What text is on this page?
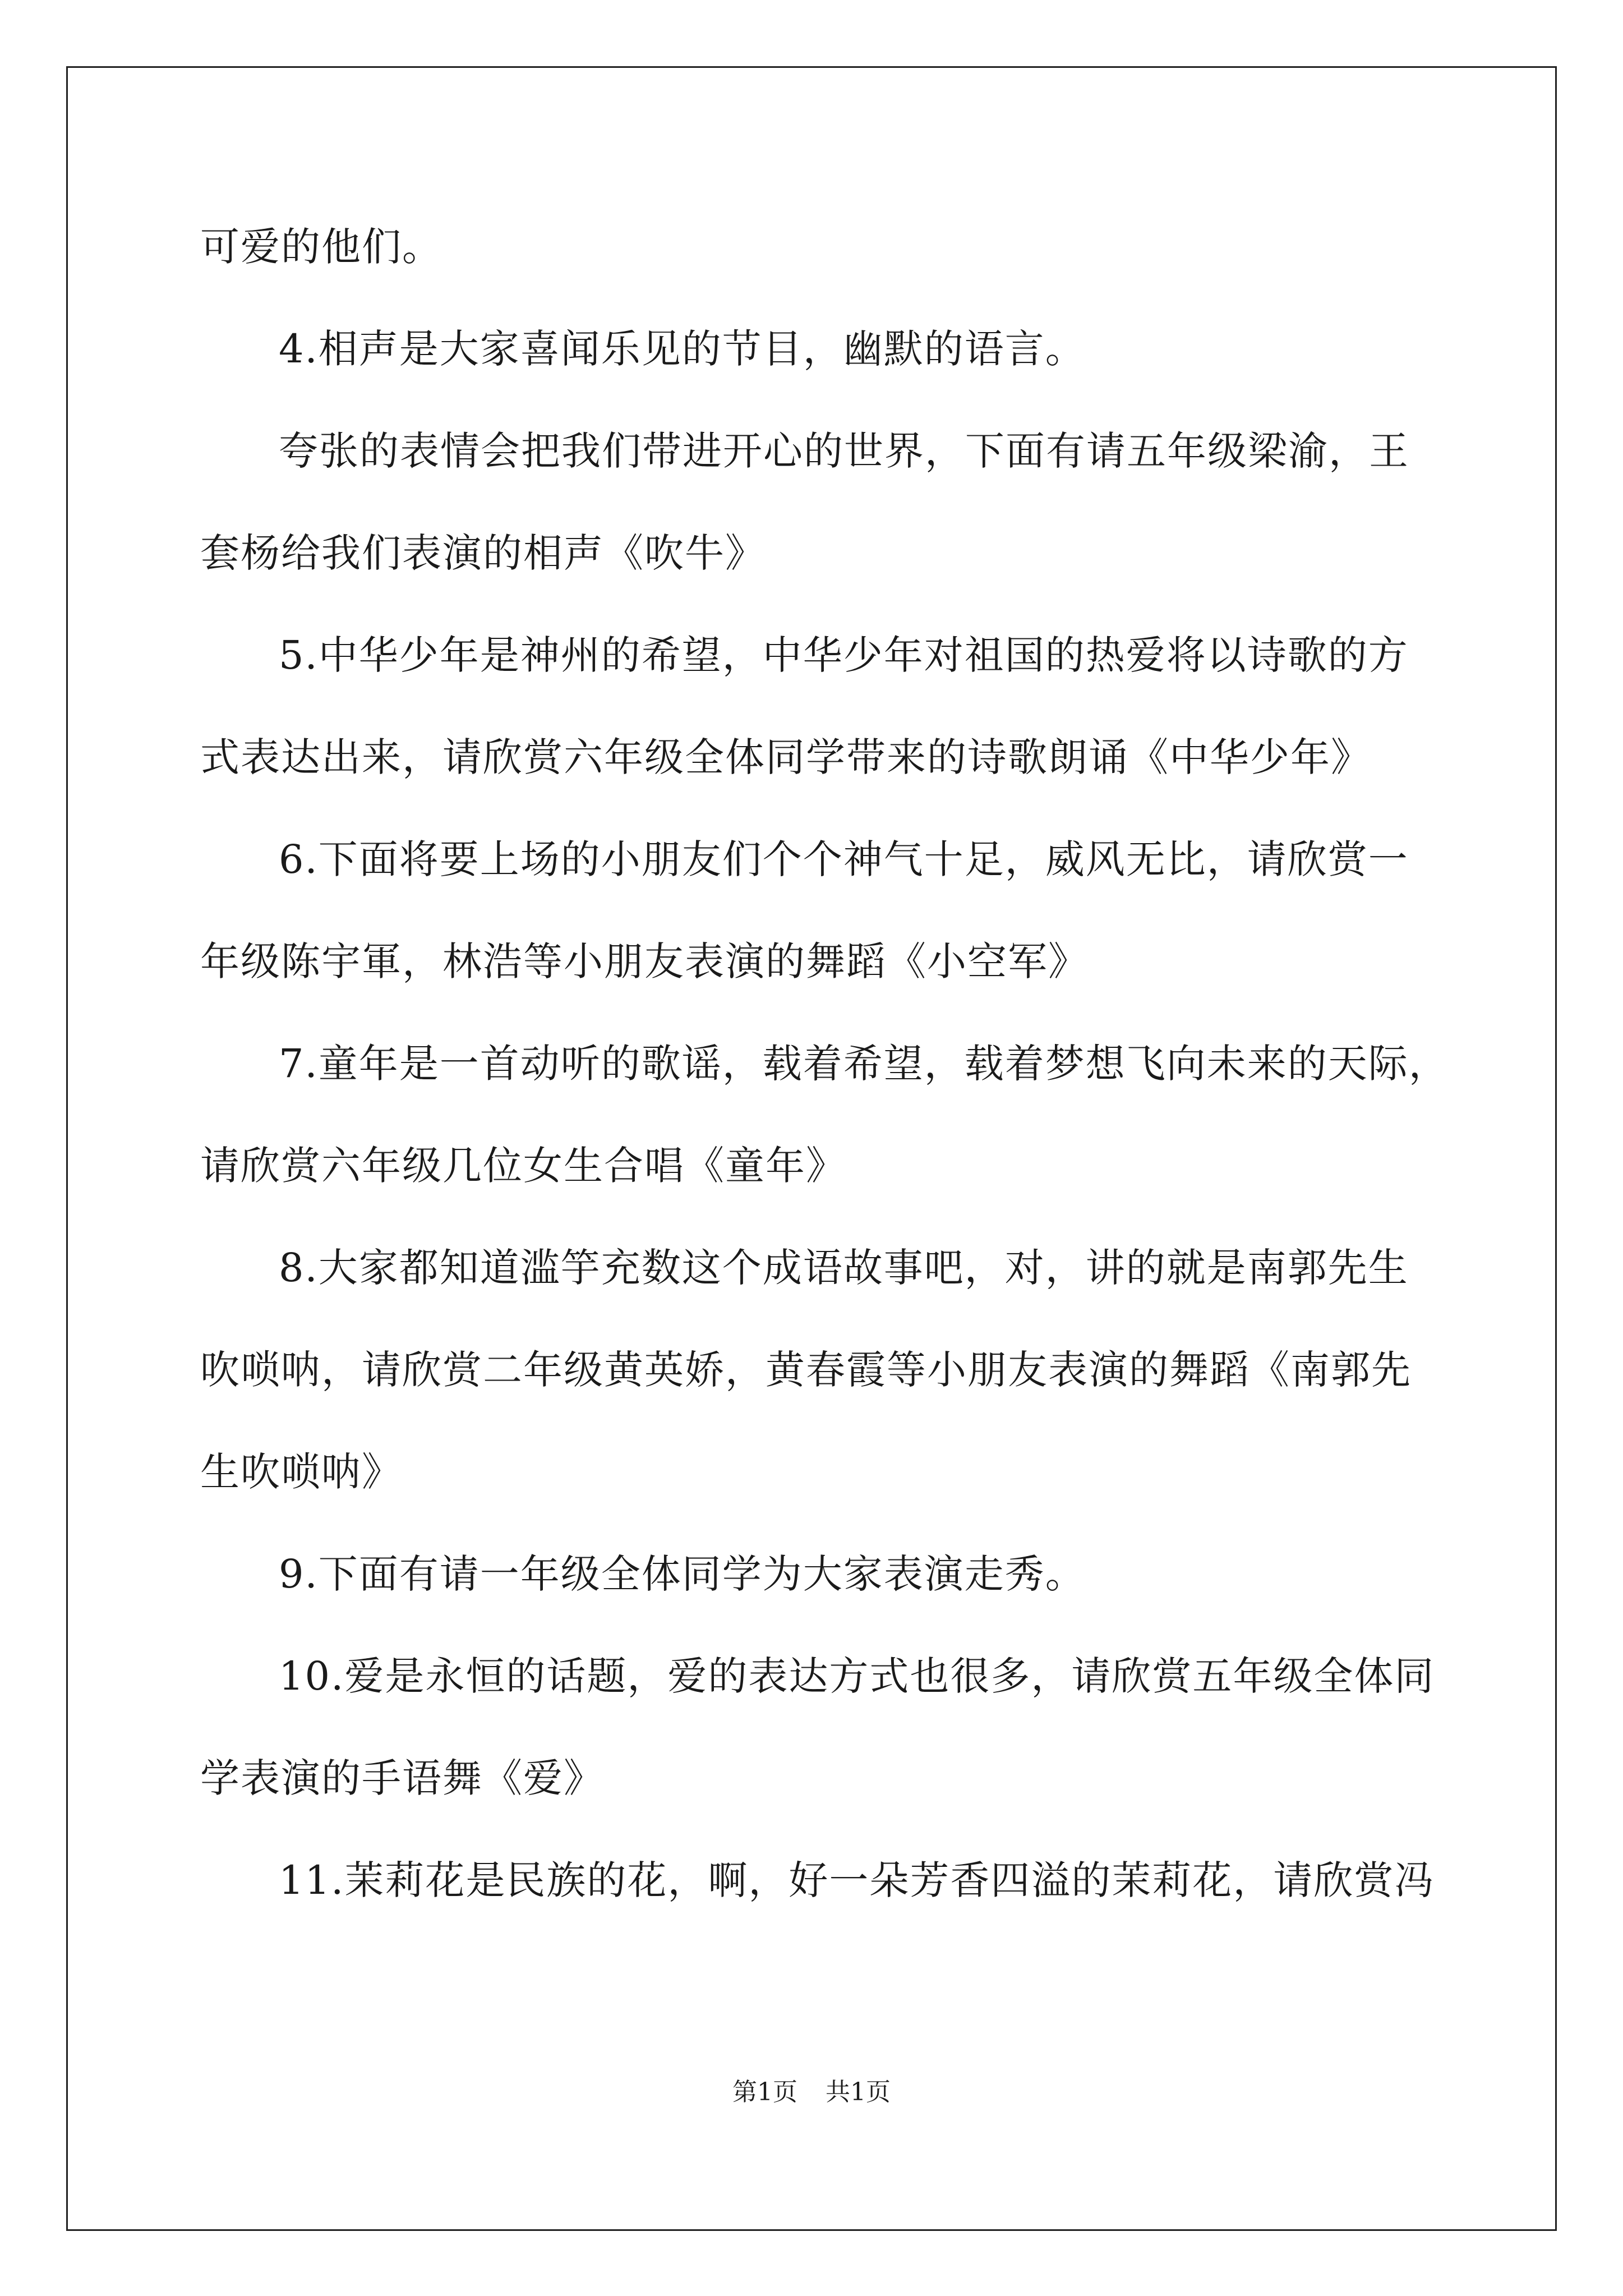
可爱的他们。
4.相声是大家喜闻乐见的节目，幽默的语言。
夸张的表情会把我们带进开心的世界，下面有请五年级梁渝，王
套杨给我们表演的相声《吹牛》
5.中华少年是神州的希望，中华少年对祖国的热爱将以诗歌的方
式表达出来，请欣赏六年级全体同学带来的诗歌朗诵《中华少年》
6.下面将要上场的小朋友们个个神气十足，威风无比，请欣赏一
年级陈宇軍，林浩等小朋友表演的舞蹈《小空军》
7.童年是一首动听的歌谣，载着希望，载着梦想飞向未来的天际，
请欣赏六年级几位女生合唱《童年》
8.大家都知道滥竽充数这个成语故事吧，对，讲的就是南郭先生
吹唢呐，请欣赏二年级黄英娇，黄春霞等小朋友表演的舞蹈《南郭先
生吹唢呐》
9.下面有请一年级全体同学为大家表演走秀。
10.爱是永恒的话题，爱的表达方式也很多，请欣赏五年级全体同
学表演的手语舞《爱》
11.茉莉花是民族的花，啊，好一朵芳香四溢的茉莉花，请欣赏冯
第1页 共1页
